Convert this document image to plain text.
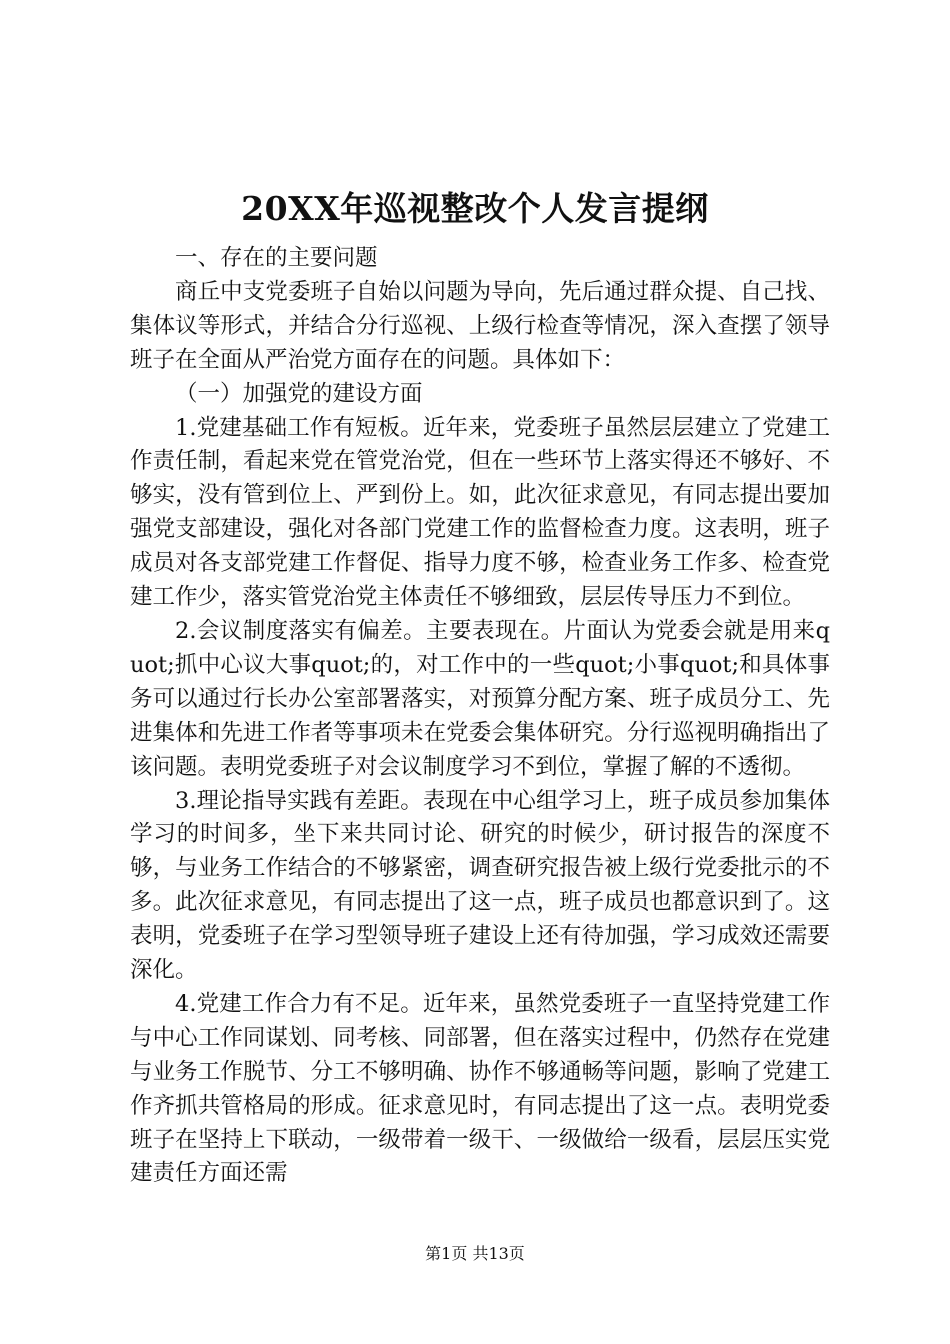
20XX年巡视整改个人发言提纲

一、存在的主要问题

商丘中支党委班子自始以问题为导向，先后通过群众提、自己找、集体议等形式，并结合分行巡视、上级行检查等情况，深入查摆了领导班子在全面从严治党方面存在的问题。具体如下：

（一）加强党的建设方面

1.党建基础工作有短板。近年来，党委班子虽然层层建立了党建工作责任制，看起来党在管党治党，但在一些环节上落实得还不够好、不够实，没有管到位上、严到份上。如，此次征求意见，有同志提出要加强党支部建设，强化对各部门党建工作的监督检查力度。这表明，班子成员对各支部党建工作督促、指导力度不够，检查业务工作多、检查党建工作少，落实管党治党主体责任不够细致，层层传导压力不到位。

2.会议制度落实有偏差。主要表现在。片面认为党委会就是用来quot;抓中心议大事quot;的，对工作中的一些quot;小事quot;和具体事务可以通过行长办公室部署落实，对预算分配方案、班子成员分工、先进集体和先进工作者等事项未在党委会集体研究。分行巡视明确指出了该问题。表明党委班子对会议制度学习不到位，掌握了解的不透彻。

3.理论指导实践有差距。表现在中心组学习上，班子成员参加集体学习的时间多，坐下来共同讨论、研究的时候少，研讨报告的深度不够，与业务工作结合的不够紧密，调查研究报告被上级行党委批示的不多。此次征求意见，有同志提出了这一点，班子成员也都意识到了。这表明，党委班子在学习型领导班子建设上还有待加强，学习成效还需要深化。

4.党建工作合力有不足。近年来，虽然党委班子一直坚持党建工作与中心工作同谋划、同考核、同部署，但在落实过程中，仍然存在党建与业务工作脱节、分工不够明确、协作不够通畅等问题，影响了党建工作齐抓共管格局的形成。征求意见时，有同志提出了这一点。表明党委班子在坚持上下联动，一级带着一级干、一级做给一级看，层层压实党建责任方面还需

第1页 共13页
